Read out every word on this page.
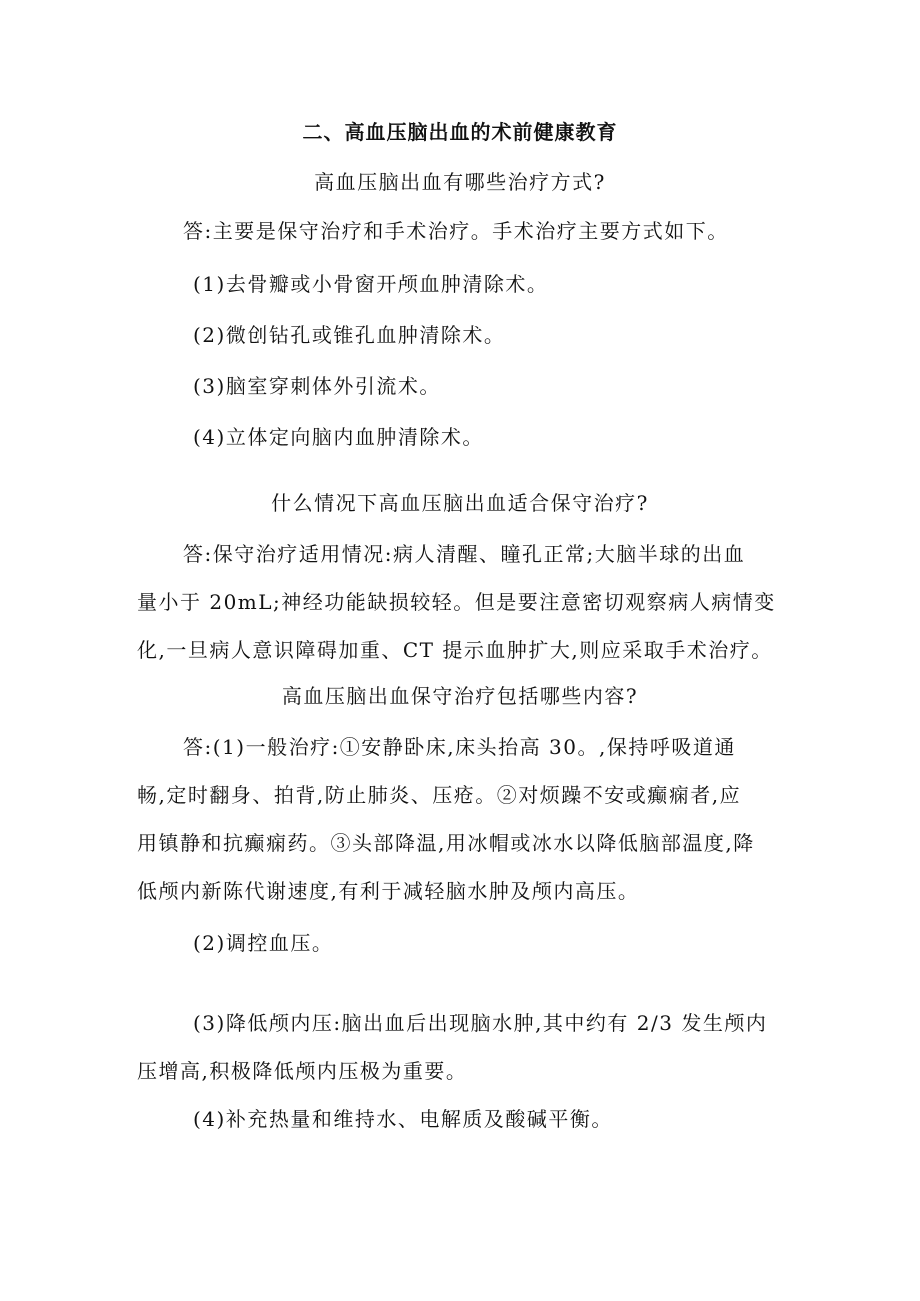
二、高血压脑出血的术前健康教育

高血压脑出血有哪些治疗方式?

答:主要是保守治疗和手术治疗。手术治疗主要方式如下。

(1)去骨瓣或小骨窗开颅血肿清除术。

(2)微创钻孔或锥孔血肿清除术。

(3)脑室穿刺体外引流术。

(4)立体定向脑内血肿清除术。

什么情况下高血压脑出血适合保守治疗?

答:保守治疗适用情况:病人清醒、瞳孔正常;大脑半球的出血

量小于 20mL;神经功能缺损较轻。但是要注意密切观察病人病情变

化,一旦病人意识障碍加重、CT 提示血肿扩大,则应采取手术治疗。

高血压脑出血保守治疗包括哪些内容?

答:(1)一般治疗:①安静卧床,床头抬高 30。,保持呼吸道通

畅,定时翻身、拍背,防止肺炎、压疮。②对烦躁不安或癫痫者,应

用镇静和抗癫痫药。③头部降温,用冰帽或冰水以降低脑部温度,降

低颅内新陈代谢速度,有利于减轻脑水肿及颅内高压。

(2)调控血压。

(3)降低颅内压:脑出血后出现脑水肿,其中约有 2/3 发生颅内

压增高,积极降低颅内压极为重要。

(4)补充热量和维持水、电解质及酸碱平衡。
